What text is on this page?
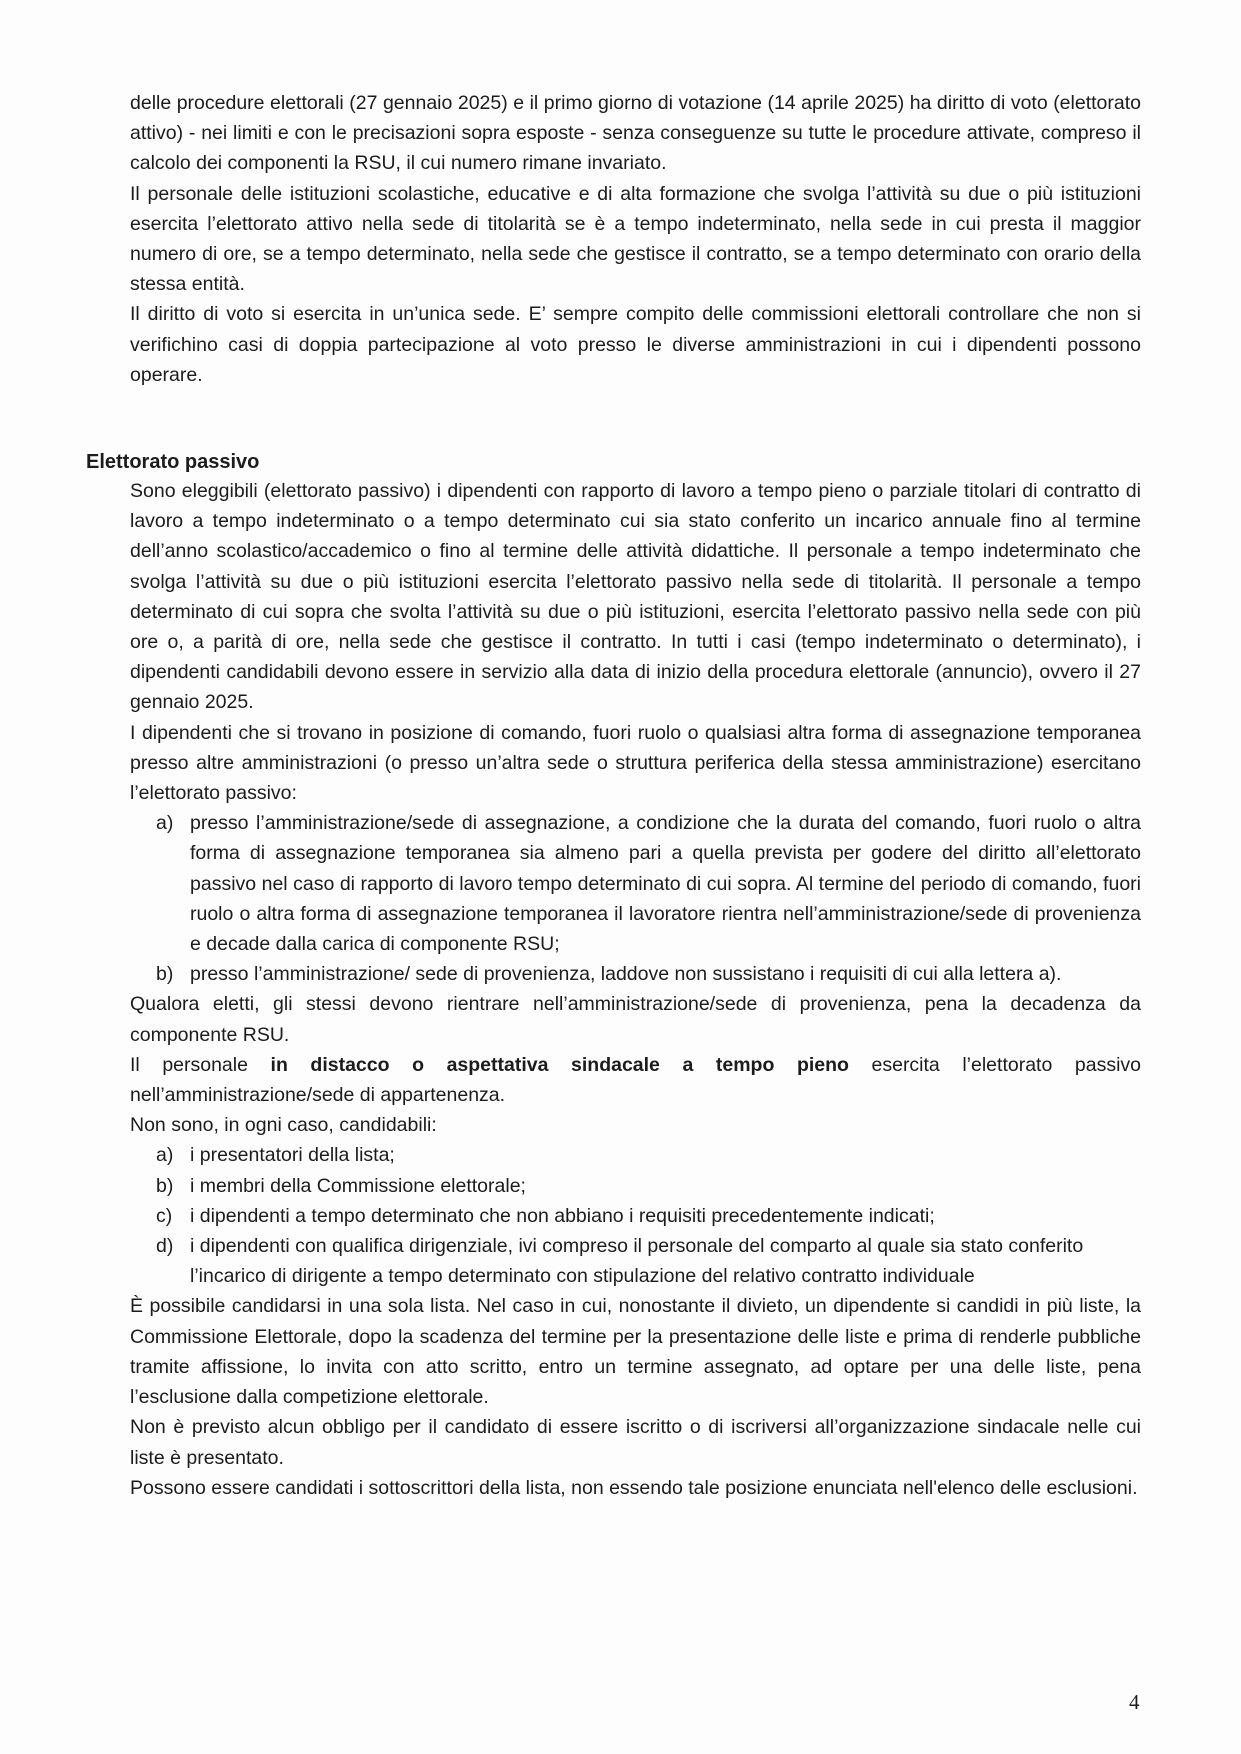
delle procedure elettorali (27 gennaio 2025) e il primo giorno di votazione (14 aprile 2025) ha diritto di voto (elettorato attivo) - nei limiti e con le precisazioni sopra esposte - senza conseguenze su tutte le procedure attivate, compreso il calcolo dei componenti la RSU, il cui numero rimane invariato.

Il personale delle istituzioni scolastiche, educative e di alta formazione che svolga l’attività su due o più istituzioni esercita l’elettorato attivo nella sede di titolarità se è a tempo indeterminato, nella sede in cui presta il maggior numero di ore, se a tempo determinato, nella sede che gestisce il contratto, se a tempo determinato con orario della stessa entità.

Il diritto di voto si esercita in un’unica sede. E’ sempre compito delle commissioni elettorali controllare che non si verifichino casi di doppia partecipazione al voto presso le diverse amministrazioni in cui i dipendenti possono operare.

Elettorato passivo

Sono eleggibili (elettorato passivo) i dipendenti con rapporto di lavoro a tempo pieno o parziale titolari di contratto di lavoro a tempo indeterminato o a tempo determinato cui sia stato conferito un incarico annuale fino al termine dell’anno scolastico/accademico o fino al termine delle attività didattiche. Il personale a tempo indeterminato che svolga l’attività su due o più istituzioni esercita l’elettorato passivo nella sede di titolarità. Il personale a tempo determinato di cui sopra che svolta l’attività su due o più istituzioni, esercita l’elettorato passivo nella sede con più ore o, a parità di ore, nella sede che gestisce il contratto. In tutti i casi (tempo indeterminato o determinato), i dipendenti candidabili devono essere in servizio alla data di inizio della procedura elettorale (annuncio), ovvero il 27 gennaio 2025.

I dipendenti che si trovano in posizione di comando, fuori ruolo o qualsiasi altra forma di assegnazione temporanea presso altre amministrazioni (o presso un’altra sede o struttura periferica della stessa amministrazione) esercitano l’elettorato passivo:

a) presso l’amministrazione/sede di assegnazione, a condizione che la durata del comando, fuori ruolo o altra forma di assegnazione temporanea sia almeno pari a quella prevista per godere del diritto all’elettorato passivo nel caso di rapporto di lavoro tempo determinato di cui sopra. Al termine del periodo di comando, fuori ruolo o altra forma di assegnazione temporanea il lavoratore rientra nell’amministrazione/sede di provenienza e decade dalla carica di componente RSU;
b) presso l’amministrazione/ sede di provenienza, laddove non sussistano i requisiti di cui alla lettera a).

Qualora eletti, gli stessi devono rientrare nell’amministrazione/sede di provenienza, pena la decadenza da componente RSU.

Il personale in distacco o aspettativa sindacale a tempo pieno esercita l’elettorato passivo nell’amministrazione/sede di appartenenza.

Non sono, in ogni caso, candidabili:

a) i presentatori della lista;
b) i membri della Commissione elettorale;
c) i dipendenti a tempo determinato che non abbiano i requisiti precedentemente indicati;
d) i dipendenti con qualifica dirigenziale, ivi compreso il personale del comparto al quale sia stato conferito l’incarico di dirigente a tempo determinato con stipulazione del relativo contratto individuale

È possibile candidarsi in una sola lista. Nel caso in cui, nonostante il divieto, un dipendente si candidi in più liste, la Commissione Elettorale, dopo la scadenza del termine per la presentazione delle liste e prima di renderle pubbliche tramite affissione, lo invita con atto scritto, entro un termine assegnato, ad optare per una delle liste, pena l’esclusione dalla competizione elettorale.

Non è previsto alcun obbligo per il candidato di essere iscritto o di iscriversi all’organizzazione sindacale nelle cui liste è presentato.

Possono essere candidati i sottoscrittori della lista, non essendo tale posizione enunciata nell'elenco delle esclusioni.

4
